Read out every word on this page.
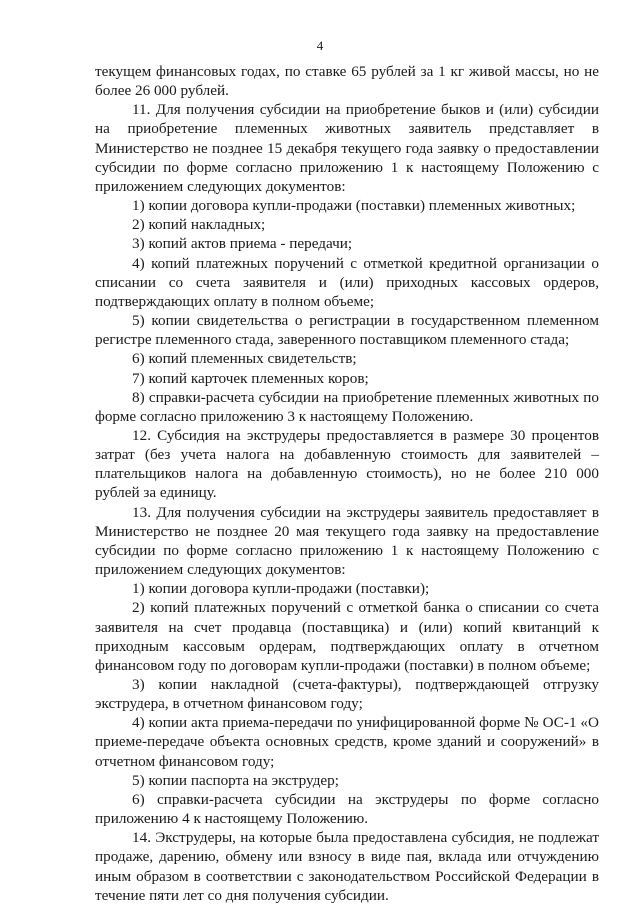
4

текущем финансовых годах, по ставке 65 рублей за 1 кг живой массы, но не более 26 000 рублей.

11. Для получения субсидии на приобретение быков и (или) субсидии на приобретение племенных животных заявитель представляет в Министерство не позднее 15 декабря текущего года заявку о предоставлении субсидии по форме согласно приложению 1 к настоящему Положению с приложением следующих документов:

1) копии договора купли-продажи (поставки) племенных животных;

2) копий накладных;

3) копий актов приема - передачи;

4) копий платежных поручений с отметкой кредитной организации о списании со счета заявителя и (или) приходных кассовых ордеров, подтверждающих оплату в полном объеме;

5) копии свидетельства о регистрации в государственном племенном регистре племенного стада, заверенного поставщиком племенного стада;

6) копий племенных свидетельств;

7) копий карточек племенных коров;

8) справки-расчета субсидии на приобретение племенных животных по форме согласно приложению 3 к настоящему Положению.

12. Субсидия на экструдеры предоставляется в размере 30 процентов затрат (без учета налога на добавленную стоимость для заявителей – плательщиков налога на добавленную стоимость), но не более 210 000 рублей за единицу.

13. Для получения субсидии на экструдеры заявитель предоставляет в Министерство не позднее 20 мая текущего года заявку на предоставление субсидии по форме согласно приложению 1 к настоящему Положению с приложением следующих документов:

1) копии договора купли-продажи (поставки);

2) копий платежных поручений с отметкой банка о списании со счета заявителя на счет продавца (поставщика) и (или) копий квитанций к приходным кассовым ордерам, подтверждающих оплату в отчетном финансовом году по договорам купли-продажи (поставки) в полном объеме;

3) копии накладной (счета-фактуры), подтверждающей отгрузку экструдера, в отчетном финансовом году;

4) копии акта приема-передачи по унифицированной форме № ОС-1 «О приеме-передаче объекта основных средств, кроме зданий и сооружений» в отчетном финансовом году;

5) копии паспорта на экструдер;

6) справки-расчета субсидии на экструдеры по форме согласно приложению 4 к настоящему Положению.

14. Экструдеры, на которые была предоставлена субсидия, не подлежат продаже, дарению, обмену или взносу в виде пая, вклада или отчуждению иным образом в соответствии с законодательством Российской Федерации в течение пяти лет со дня получения субсидии.
